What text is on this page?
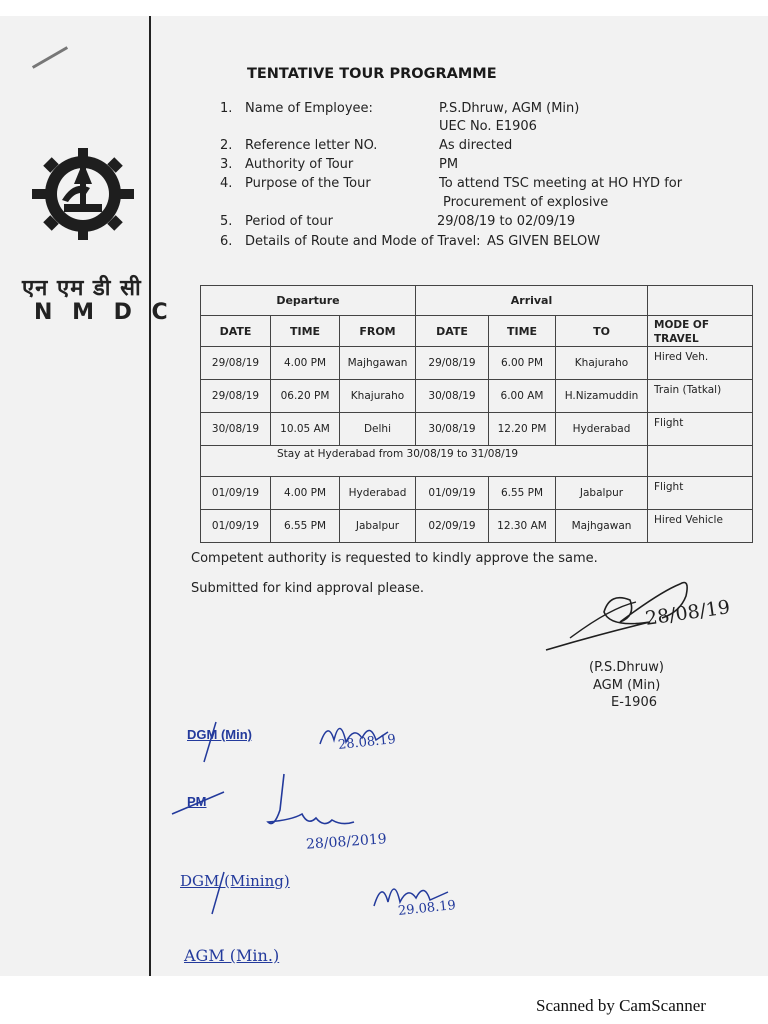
एन एम डी सी
N M D C
TENTATIVE TOUR PROGRAMME
1. Name of Employee:	P.S.Dhruw, AGM (Min)
UEC No. E1906
2. Reference letter NO.	As directed
3. Authority of Tour	PM
4. Purpose of the Tour	To attend TSC meeting at HO HYD for
Procurement of explosive
5. Period of tour	29/08/19 to 02/09/19
6. Details of Route and Mode of Travel: AS GIVEN BELOW
Departure			Arrival			
DATE	TIME	FROM	DATE	TIME	TO	MODE OF TRAVEL
29/08/19	4.00 PM	Majhgawan	29/08/19	6.00 PM	Khajuraho	Hired Veh.
29/08/19	06.20 PM	Khajuraho	30/08/19	6.00 AM	H.Nizamuddin	Train (Tatkal)
30/08/19	10.05 AM	Delhi	30/08/19	12.20 PM	Hyderabad	Flight
Stay at Hyderabad from 30/08/19 to 31/08/19						
01/09/19	4.00 PM	Hyderabad	01/09/19	6.55 PM	Jabalpur	Flight
01/09/19	6.55 PM	Jabalpur	02/09/19	12.30 AM	Majhgawan	Hired Vehicle
Competent authority is requested to kindly approve the same.
Submitted for kind approval please.
28/08/19
(P.S.Dhruw)
AGM (Min)
E-1906
DGM (Min)	28.08.19
PM
28/08/2019
DGM (Mining)
29.08.19
AGM (Min.)
Scanned by CamScanner
